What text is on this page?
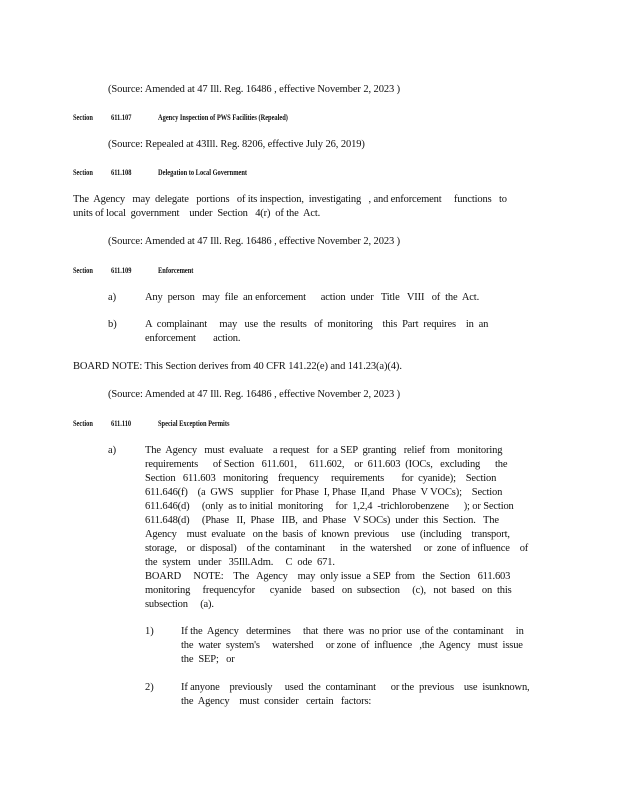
(Source: Amended at 47 Ill. Reg. 16486 , effective November 2, 2023 )
Section 611.107	Agency Inspection of PWS Facilities (Repealed)
(Source: Repealed at 43Ill. Reg. 8206, effective July 26, 2019)
Section 611.108	Delegation to Local Government
The  Agency   may  delegate   portions   of its inspection,  investigating   , and enforcement     functions   to
units of local  government    under  Section   4(r)  of the  Act.
(Source: Amended at 47 Ill. Reg. 16486 , effective November 2, 2023 )
Section 611.109	Enforcement
a)	Any  person   may  file  an enforcement      action  under   Title   VIII   of  the  Act.
b)	A  complainant     may   use  the  results   of  monitoring    this  Part  requires    in  an
enforcement       action.
BOARD NOTE: This Section derives from 40 CFR 141.22(e) and 141.23(a)(4).
(Source: Amended at 47 Ill. Reg. 16486 , effective November 2, 2023 )
Section 611.110	Special Exception Permits
a)	The  Agency   must  evaluate    a request   for  a SEP  granting   relief  from   monitoring
requirements      of Section   611.601,     611.602,    or  611.603  (IOCs,   excluding      the
Section   611.603   monitoring    frequency     requirements       for  cyanide);    Section
611.646(f)    (a  GWS   supplier   for Phase  I, Phase  II,and   Phase  V VOCs);    Section
611.646(d)     (only  as to initial  monitoring     for  1,2,4  -trichlorobenzene      ); or Section
611.648(d)     (Phase   II,  Phase   IIB,  and  Phase   V SOCs)  under  this  Section.   The
Agency    must  evaluate   on the  basis  of  known  previous     use  (including    transport,
storage,    or  disposal)    of the  contaminant      in  the  watershed     or  zone  of influence    of
the  system   under   35Ill.Adm.     C  ode  671.
BOARD     NOTE:    The   Agency    may  only issue  a SEP  from   the  Section   611.603
monitoring     frequencyfor      cyanide    based   on  subsection     (c),   not  based   on  this
subsection     (a).
1)	If the  Agency   determines     that  there  was  no prior  use  of the  contaminant     in
the  water  system's     watershed     or zone  of  influence   ,the  Agency   must  issue
the  SEP;   or
2)	If anyone    previously     used  the  contaminant      or the  previous    use  isunknown,
the  Agency    must  consider   certain   factors:
